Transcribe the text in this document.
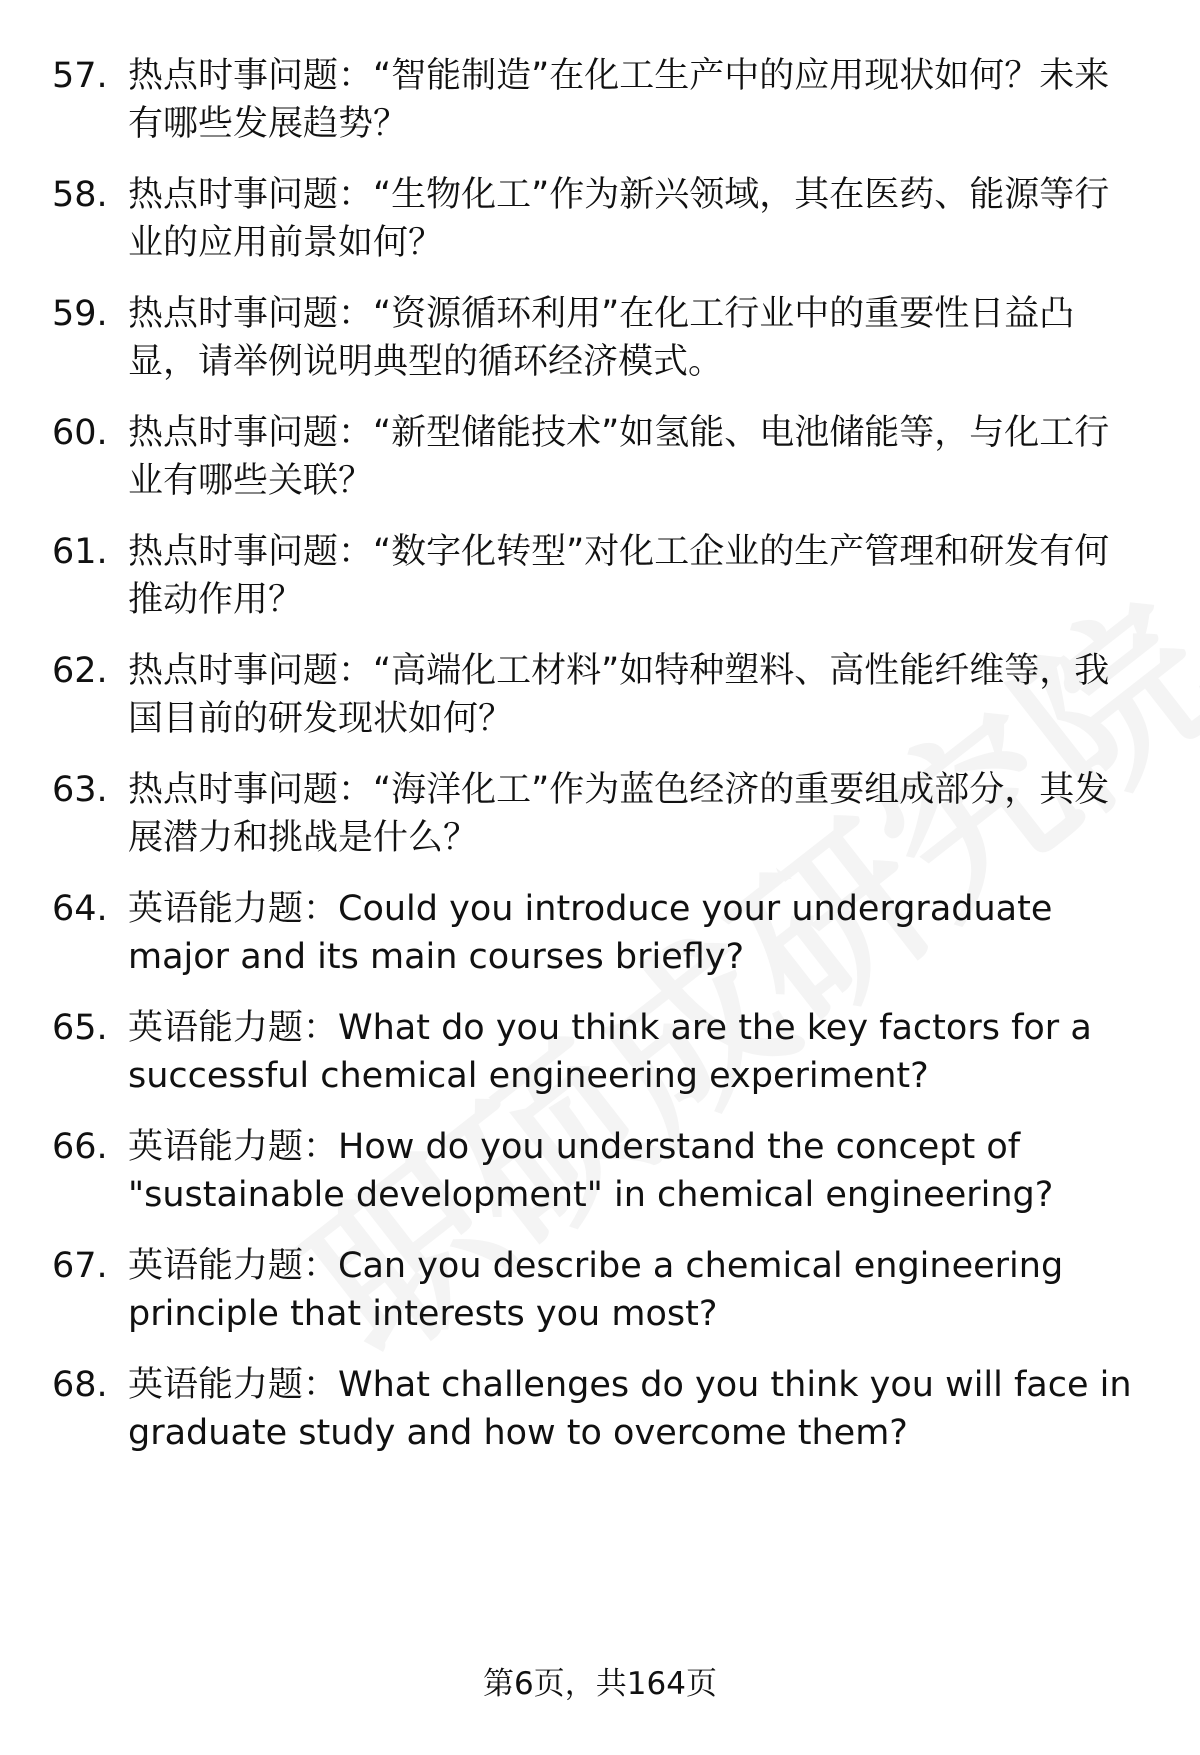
57. 热点时事问题：“智能制造”在化工生产中的应用现状如何？未来有哪些发展趋势？
58. 热点时事问题：“生物化工”作为新兴领域，其在医药、能源等行业的应用前景如何？
59. 热点时事问题：“资源循环利用”在化工行业中的重要性日益凸显，请举例说明典型的循环经济模式。
60. 热点时事问题：“新型储能技术”如氢能、电池储能等，与化工行业有哪些关联？
61. 热点时事问题：“数字化转型”对化工企业的生产管理和研发有何推动作用？
62. 热点时事问题：“高端化工材料”如特种塑料、高性能纤维等，我国目前的研发现状如何？
63. 热点时事问题：“海洋化工”作为蓝色经济的重要组成部分，其发展潜力和挑战是什么？
64. 英语能力题：Could you introduce your undergraduate major and its main courses briefly?
65. 英语能力题：What do you think are the key factors for a successful chemical engineering experiment?
66. 英语能力题：How do you understand the concept of "sustainable development" in chemical engineering?
67. 英语能力题：Can you describe a chemical engineering principle that interests you most?
68. 英语能力题：What challenges do you think you will face in graduate study and how to overcome them?
第6页，共164页
